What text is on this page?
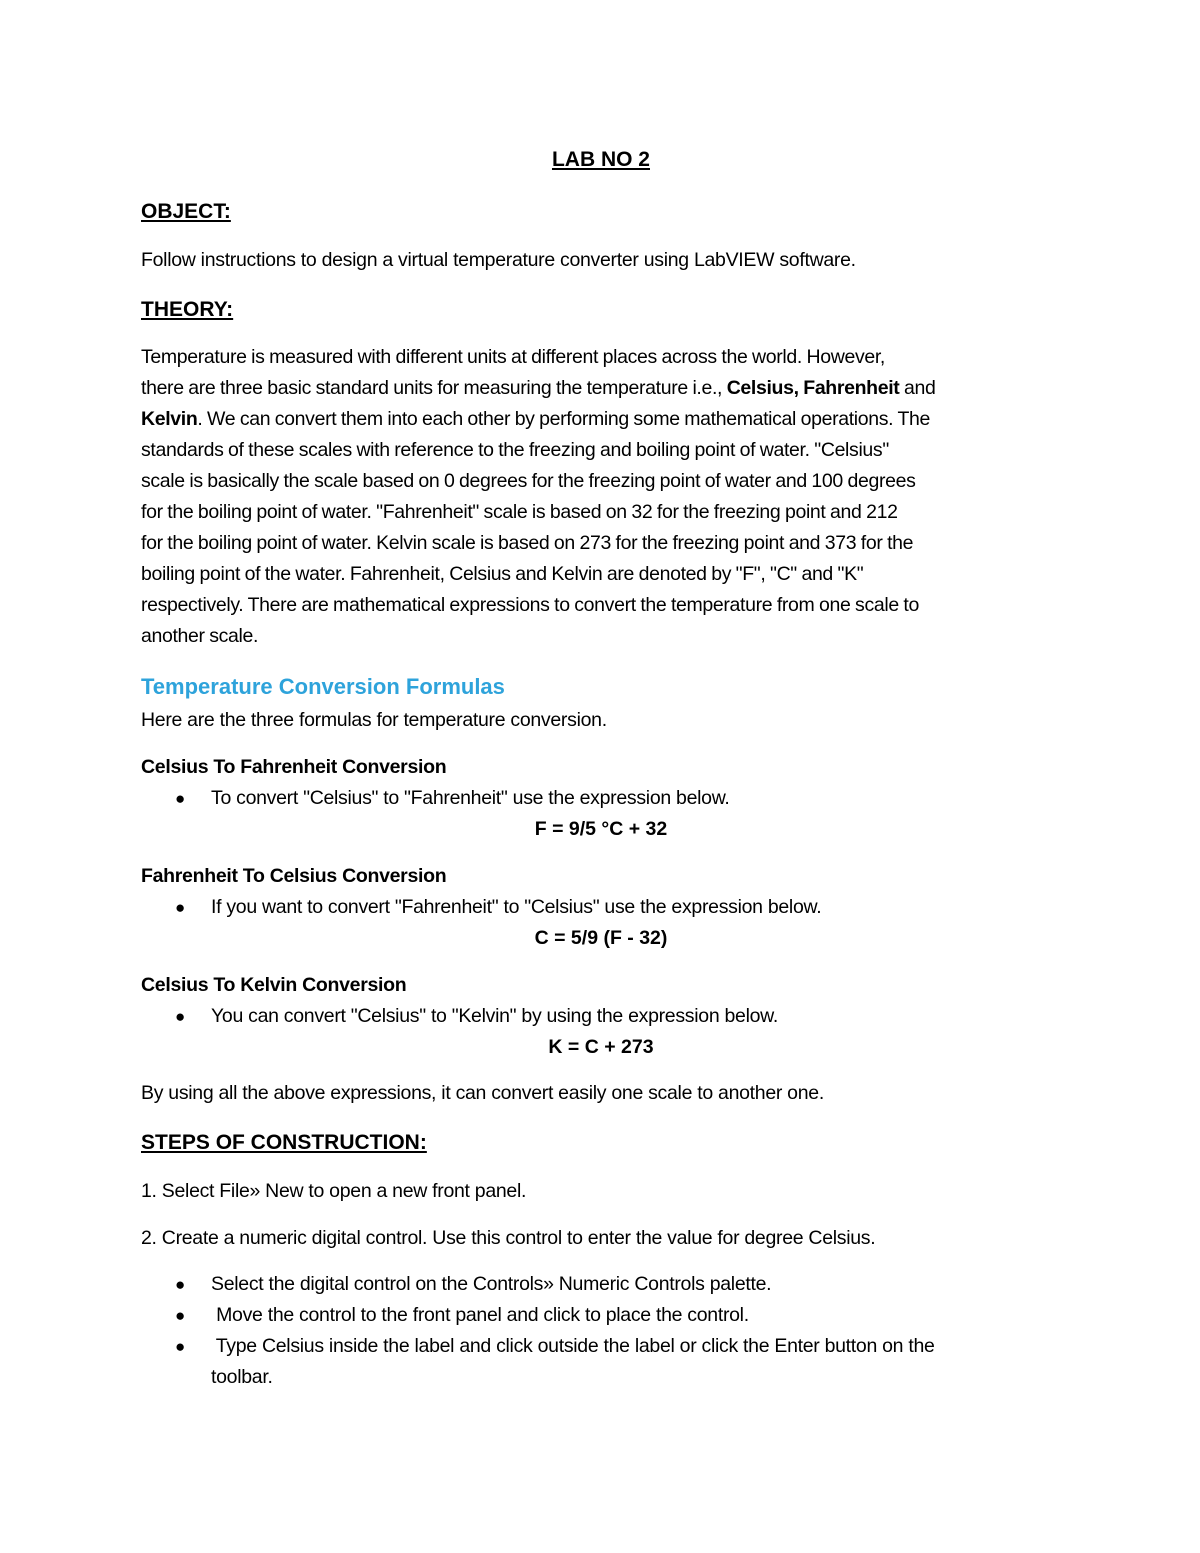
LAB NO 2
OBJECT:
Follow instructions to design a virtual temperature converter using LabVIEW software.
THEORY:
Temperature is measured with different units at different places across the world. However,
there are three basic standard units for measuring the temperature i.e., Celsius, Fahrenheit and
Kelvin. We can convert them into each other by performing some mathematical operations. The
standards of these scales with reference to the freezing and boiling point of water. "Celsius"
scale is basically the scale based on 0 degrees for the freezing point of water and 100 degrees
for the boiling point of water. "Fahrenheit" scale is based on 32 for the freezing point and 212
for the boiling point of water. Kelvin scale is based on 273 for the freezing point and 373 for the
boiling point of the water. Fahrenheit, Celsius and Kelvin are denoted by "F", "C" and "K"
respectively. There are mathematical expressions to convert the temperature from one scale to
another scale.
Temperature Conversion Formulas
Here are the three formulas for temperature conversion.
Celsius To Fahrenheit Conversion
● To convert "Celsius" to "Fahrenheit" use the expression below.
F = 9/5 °C + 32
Fahrenheit To Celsius Conversion
● If you want to convert "Fahrenheit" to "Celsius" use the expression below.
C = 5/9 (F - 32)
Celsius To Kelvin Conversion
● You can convert "Celsius" to "Kelvin" by using the expression below.
K = C + 273
By using all the above expressions, it can convert easily one scale to another one.
STEPS OF CONSTRUCTION:
1. Select File» New to open a new front panel.
2. Create a numeric digital control. Use this control to enter the value for degree Celsius.
● Select the digital control on the Controls» Numeric Controls palette.
● Move the control to the front panel and click to place the control.
● Type Celsius inside the label and click outside the label or click the Enter button on the
toolbar.
